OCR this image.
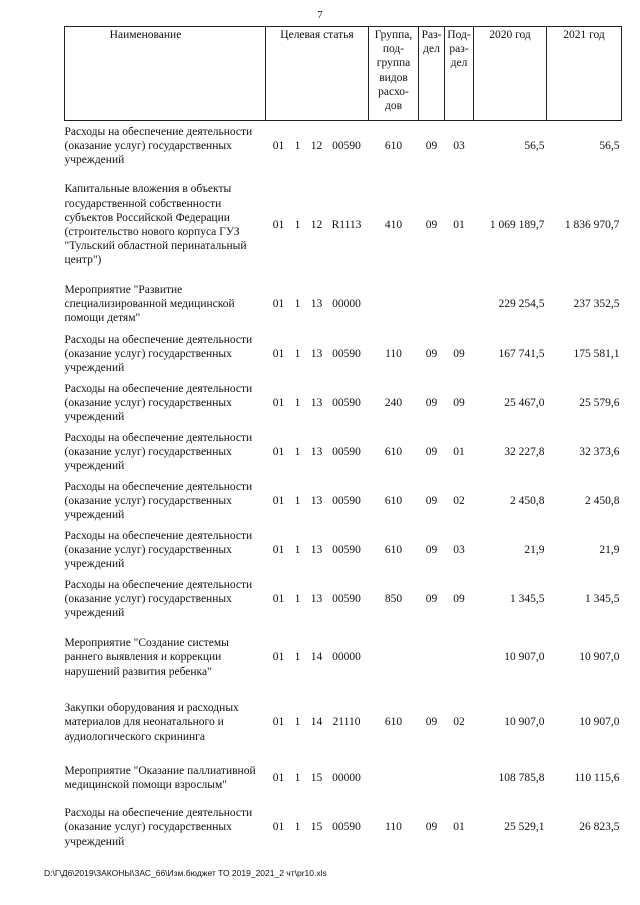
7
Наименование	Целевая статья	Группа, под-группа видов расхо-дов	Раз-дел	Под-раз-дел	2020 год	2021 год
Расходы на обеспечение деятельности (оказание услуг) государственных учреждений	01 1 12 00590	610	09	03	56,5	56,5
Капитальные вложения в объекты государственной собственности субъектов Российской Федерации (строительство нового корпуса ГУЗ "Тульский областной перинатальный центр")	01 1 12 R1113	410	09	01	1 069 189,7	1 836 970,7
Мероприятие "Развитие специализированной медицинской помощи детям"	01 1 13 00000				229 254,5	237 352,5
Расходы на обеспечение деятельности (оказание услуг) государственных учреждений	01 1 13 00590	110	09	09	167 741,5	175 581,1
Расходы на обеспечение деятельности (оказание услуг) государственных учреждений	01 1 13 00590	240	09	09	25 467,0	25 579,6
Расходы на обеспечение деятельности (оказание услуг) государственных учреждений	01 1 13 00590	610	09	01	32 227,8	32 373,6
Расходы на обеспечение деятельности (оказание услуг) государственных учреждений	01 1 13 00590	610	09	02	2 450,8	2 450,8
Расходы на обеспечение деятельности (оказание услуг) государственных учреждений	01 1 13 00590	610	09	03	21,9	21,9
Расходы на обеспечение деятельности (оказание услуг) государственных учреждений	01 1 13 00590	850	09	09	1 345,5	1 345,5
Мероприятие "Создание системы раннего выявления и коррекции нарушений развития ребенка"	01 1 14 00000				10 907,0	10 907,0
Закупки оборудования и расходных материалов для неонатального и аудиологического скрининга	01 1 14 21110	610	09	02	10 907,0	10 907,0
Мероприятие "Оказание паллиативной медицинской помощи взрослым"	01 1 15 00000				108 785,8	110 115,6
Расходы на обеспечение деятельности (оказание услуг) государственных учреждений	01 1 15 00590	110	09	01	25 529,1	26 823,5
D:\Г\Д6\2019\ЗАКОНЫ\ЗАС_66\Изм.бюджет ТО 2019_2021_2 чт\pr10.xls
